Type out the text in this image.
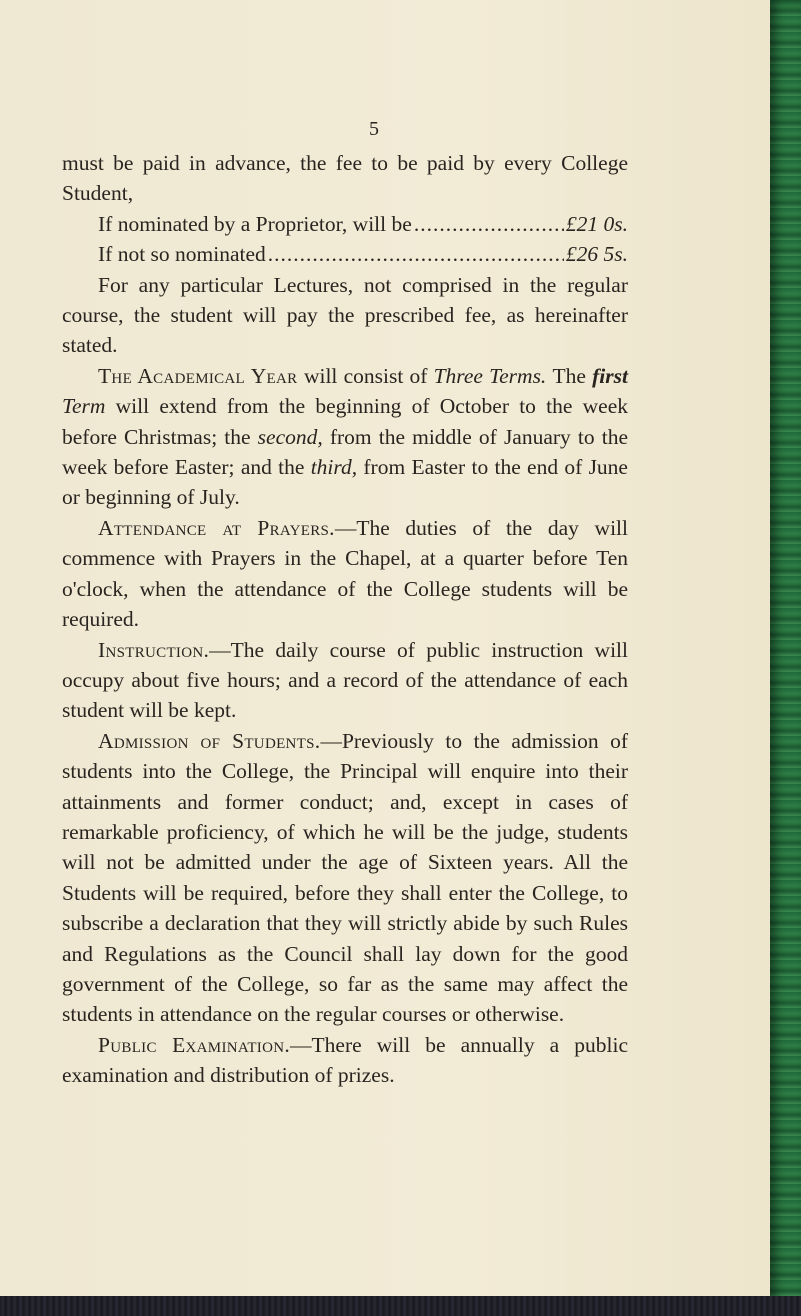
5

must be paid in advance, the fee to be paid by every College Student,

If nominated by a Proprietor, will be .....	£21 0s.
If not so nominated .....	£26 5s.

For any particular Lectures, not comprised in the regular course, the student will pay the prescribed fee, as hereinafter stated.

The Academical Year will consist of Three Terms. The first Term will extend from the beginning of October to the week before Christmas; the second, from the middle of January to the week before Easter; and the third, from Easter to the end of June or beginning of July.

Attendance at Prayers.—The duties of the day will commence with Prayers in the Chapel, at a quarter before Ten o'clock, when the attendance of the College students will be required.

Instruction.—The daily course of public instruction will occupy about five hours; and a record of the attendance of each student will be kept.

Admission of Students.—Previously to the admission of students into the College, the Principal will enquire into their attainments and former conduct; and, except in cases of remarkable proficiency, of which he will be the judge, students will not be admitted under the age of Sixteen years. All the Students will be required, before they shall enter the College, to subscribe a declaration that they will strictly abide by such Rules and Regulations as the Council shall lay down for the good government of the College, so far as the same may affect the students in attendance on the regular courses or otherwise.

Public Examination.—There will be annually a public examination and distribution of prizes.
